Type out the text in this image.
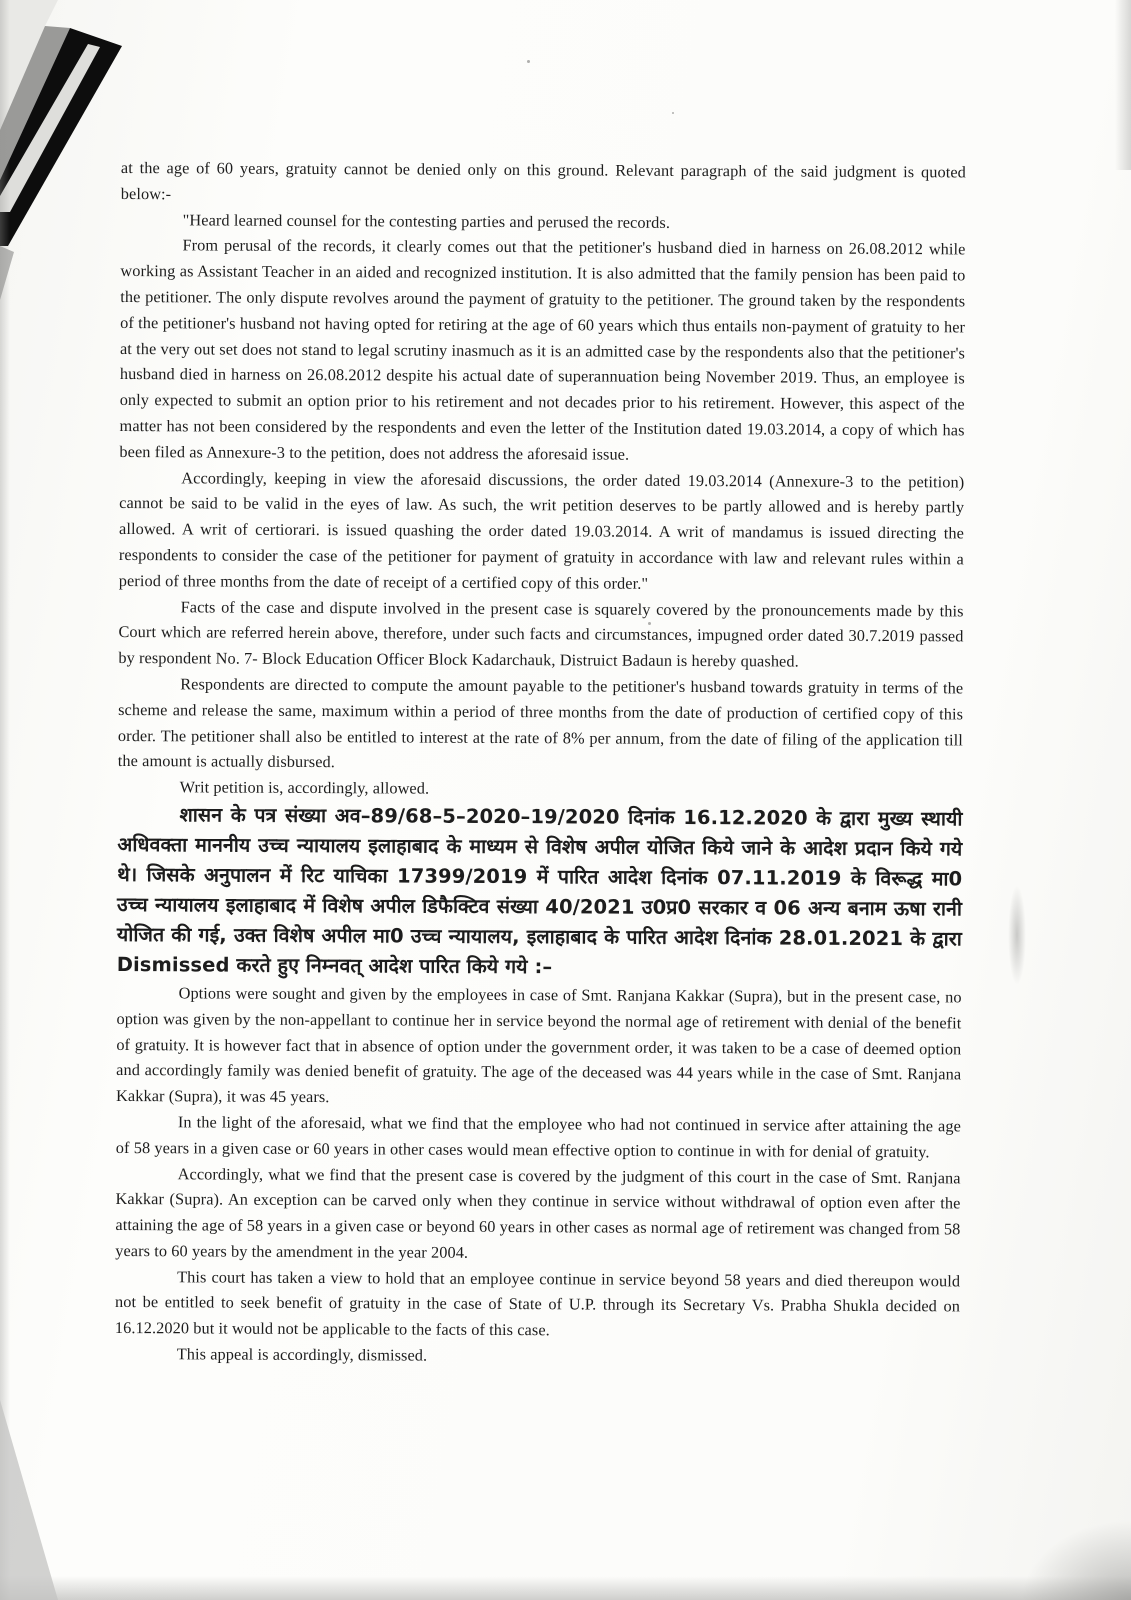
at the age of 60 years, gratuity cannot be denied only on this ground. Relevant paragraph of the said judgment is quoted below:-

"Heard learned counsel for the contesting parties and perused the records.

From perusal of the records, it clearly comes out that the petitioner's husband died in harness on 26.08.2012 while working as Assistant Teacher in an aided and recognized institution. It is also admitted that the family pension has been paid to the petitioner. The only dispute revolves around the payment of gratuity to the petitioner. The ground taken by the respondents of the petitioner's husband not having opted for retiring at the age of 60 years which thus entails non-payment of gratuity to her at the very out set does not stand to legal scrutiny inasmuch as it is an admitted case by the respondents also that the petitioner's husband died in harness on 26.08.2012 despite his actual date of superannuation being November 2019. Thus, an employee is only expected to submit an option prior to his retirement and not decades prior to his retirement. However, this aspect of the matter has not been considered by the respondents and even the letter of the Institution dated 19.03.2014, a copy of which has been filed as Annexure-3 to the petition, does not address the aforesaid issue.

Accordingly, keeping in view the aforesaid discussions, the order dated 19.03.2014 (Annexure-3 to the petition) cannot be said to be valid in the eyes of law. As such, the writ petition deserves to be partly allowed and is hereby partly allowed. A writ of certiorari. is issued quashing the order dated 19.03.2014. A writ of mandamus is issued directing the respondents to consider the case of the petitioner for payment of gratuity in accordance with law and relevant rules within a period of three months from the date of receipt of a certified copy of this order."

Facts of the case and dispute involved in the present case is squarely covered by the pronouncements made by this Court which are referred herein above, therefore, under such facts and circumstances, impugned order dated 30.7.2019 passed by respondent No. 7- Block Education Officer Block Kadarchauk, Distruict Badaun is hereby quashed.

Respondents are directed to compute the amount payable to the petitioner's husband towards gratuity in terms of the scheme and release the same, maximum within a period of three months from the date of production of certified copy of this order. The petitioner shall also be entitled to interest at the rate of 8% per annum, from the date of filing of the application till the amount is actually disbursed.

Writ petition is, accordingly, allowed.

शासन के पत्र संख्या अव–89/68–5–2020–19/2020 दिनांक 16.12.2020 के द्वारा मुख्य स्थायी अधिवक्ता माननीय उच्च न्यायालय इलाहाबाद के माध्यम से विशेष अपील योजित किये जाने के आदेश प्रदान किये गये थे। जिसके अनुपालन में रिट याचिका 17399/2019 में पारित आदेश दिनांक 07.11.2019 के विरूद्ध मा0 उच्च न्यायालय इलाहाबाद में विशेष अपील डिफैक्टिव संख्या 40/2021 उ0प्र0 सरकार व 06 अन्य बनाम ऊषा रानी योजित की गई, उक्त विशेष अपील मा0 उच्च न्यायालय, इलाहाबाद के पारित आदेश दिनांक 28.01.2021 के द्वारा Dismissed करते हुए निम्नवत् आदेश पारित किये गये :–

Options were sought and given by the employees in case of Smt. Ranjana Kakkar (Supra), but in the present case, no option was given by the non-appellant to continue her in service beyond the normal age of retirement with denial of the benefit of gratuity. It is however fact that in absence of option under the government order, it was taken to be a case of deemed option and accordingly family was denied benefit of gratuity. The age of the deceased was 44 years while in the case of Smt. Ranjana Kakkar (Supra), it was 45 years.

In the light of the aforesaid, what we find that the employee who had not continued in service after attaining the age of 58 years in a given case or 60 years in other cases would mean effective option to continue in with for denial of gratuity.

Accordingly, what we find that the present case is covered by the judgment of this court in the case of Smt. Ranjana Kakkar (Supra). An exception can be carved only when they continue in service without withdrawal of option even after the attaining the age of 58 years in a given case or beyond 60 years in other cases as normal age of retirement was changed from 58 years to 60 years by the amendment in the year 2004.

This court has taken a view to hold that an employee continue in service beyond 58 years and died thereupon would not be entitled to seek benefit of gratuity in the case of State of U.P. through its Secretary Vs. Prabha Shukla decided on 16.12.2020 but it would not be applicable to the facts of this case.

This appeal is accordingly, dismissed.
